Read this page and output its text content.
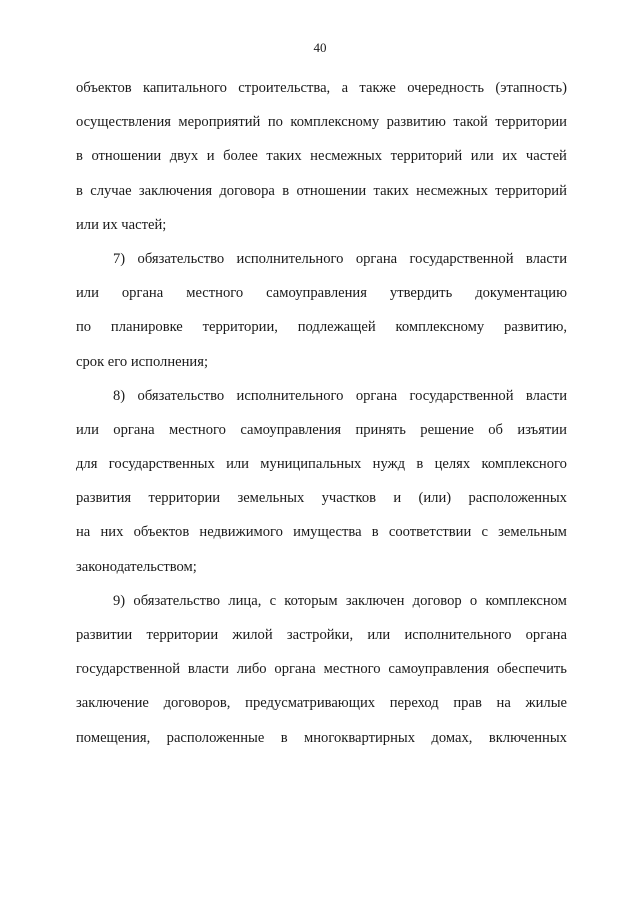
40
объектов капитального строительства, а также очередность (этапность)
осуществления мероприятий по комплексному развитию такой территории
в отношении двух и более таких несмежных территорий или их частей
в случае заключения договора в отношении таких несмежных территорий
или их частей;
7) обязательство исполнительного органа государственной власти
или органа местного самоуправления утвердить документацию
по планировке территории, подлежащей комплексному развитию,
срок его исполнения;
8) обязательство исполнительного органа государственной власти
или органа местного самоуправления принять решение об изъятии
для государственных или муниципальных нужд в целях комплексного
развития территории земельных участков и (или) расположенных
на них объектов недвижимого имущества в соответствии с земельным
законодательством;
9) обязательство лица, с которым заключен договор о комплексном
развитии территории жилой застройки, или исполнительного органа
государственной власти либо органа местного самоуправления обеспечить
заключение договоров, предусматривающих переход прав на жилые
помещения, расположенные в многоквартирных домах, включенных
